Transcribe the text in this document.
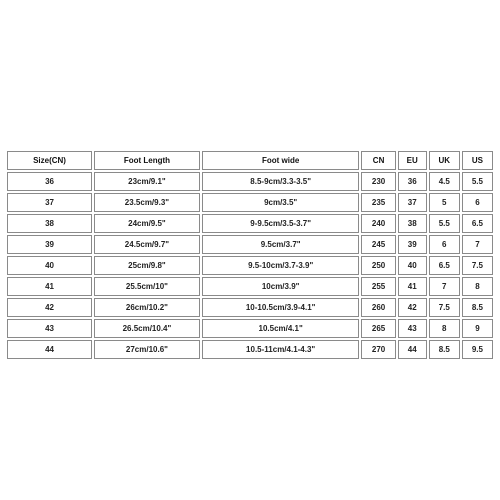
Size(CN)	Foot Length	Foot wide	CN	EU	UK	US
36	23cm/9.1"	8.5-9cm/3.3-3.5"	230	36	4.5	5.5
37	23.5cm/9.3"	9cm/3.5"	235	37	5	6
38	24cm/9.5"	9-9.5cm/3.5-3.7"	240	38	5.5	6.5
39	24.5cm/9.7"	9.5cm/3.7"	245	39	6	7
40	25cm/9.8"	9.5-10cm/3.7-3.9"	250	40	6.5	7.5
41	25.5cm/10"	10cm/3.9"	255	41	7	8
42	26cm/10.2"	10-10.5cm/3.9-4.1"	260	42	7.5	8.5
43	26.5cm/10.4"	10.5cm/4.1"	265	43	8	9
44	27cm/10.6"	10.5-11cm/4.1-4.3"	270	44	8.5	9.5
